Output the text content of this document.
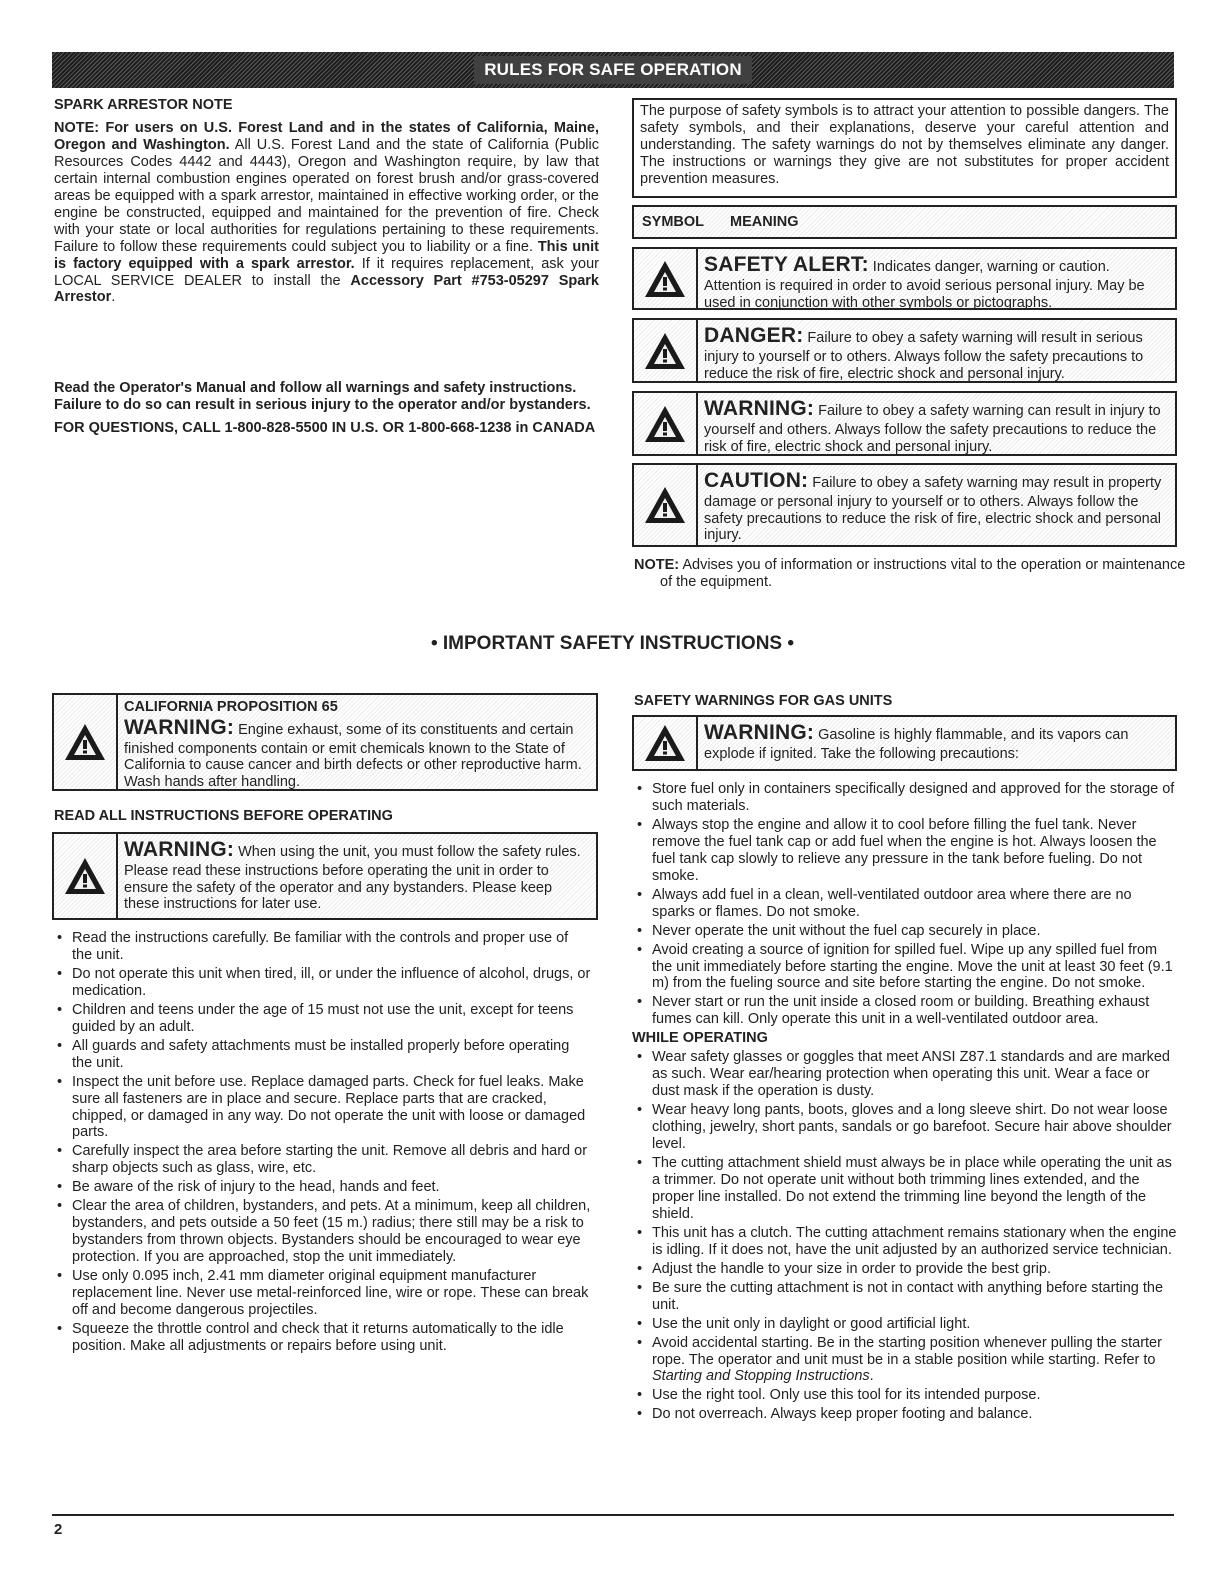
RULES FOR SAFE OPERATION

SPARK ARRESTOR NOTE

NOTE: For users on U.S. Forest Land and in the states of California, Maine, Oregon and Washington. All U.S. Forest Land and the state of California (Public Resources Codes 4442 and 4443), Oregon and Washington require, by law that certain internal combustion engines operated on forest brush and/or grass-covered areas be equipped with a spark arrestor, maintained in effective working order, or the engine be constructed, equipped and maintained for the prevention of fire. Check with your state or local authorities for regulations pertaining to these requirements. Failure to follow these requirements could subject you to liability or a fine. This unit is factory equipped with a spark arrestor. If it requires replacement, ask your LOCAL SERVICE DEALER to install the Accessory Part #753-05297 Spark Arrestor.

Read the Operator's Manual and follow all warnings and safety instructions. Failure to do so can result in serious injury to the operator and/or bystanders.

FOR QUESTIONS, CALL 1-800-828-5500 IN U.S. OR 1-800-668-1238 in CANADA

The purpose of safety symbols is to attract your attention to possible dangers. The safety symbols, and their explanations, deserve your careful attention and understanding. The safety warnings do not by themselves eliminate any danger. The instructions or warnings they give are not substitutes for proper accident prevention measures.

SYMBOL MEANING

SAFETY ALERT: Indicates danger, warning or caution. Attention is required in order to avoid serious personal injury. May be used in conjunction with other symbols or pictographs.

DANGER: Failure to obey a safety warning will result in serious injury to yourself or to others. Always follow the safety precautions to reduce the risk of fire, electric shock and personal injury.

WARNING: Failure to obey a safety warning can result in injury to yourself and others. Always follow the safety precautions to reduce the risk of fire, electric shock and personal injury.

CAUTION: Failure to obey a safety warning may result in property damage or personal injury to yourself or to others. Always follow the safety precautions to reduce the risk of fire, electric shock and personal injury.

NOTE: Advises you of information or instructions vital to the operation or maintenance of the equipment.
• IMPORTANT SAFETY INSTRUCTIONS •

CALIFORNIA PROPOSITION 65

WARNING: Engine exhaust, some of its constituents and certain finished components contain or emit chemicals known to the State of California to cause cancer and birth defects or other reproductive harm. Wash hands after handling.

READ ALL INSTRUCTIONS BEFORE OPERATING

WARNING: When using the unit, you must follow the safety rules. Please read these instructions before operating the unit in order to ensure the safety of the operator and any bystanders. Please keep these instructions for later use.

• Read the instructions carefully. Be familiar with the controls and proper use of the unit.
• Do not operate this unit when tired, ill, or under the influence of alcohol, drugs, or medication.
• Children and teens under the age of 15 must not use the unit, except for teens guided by an adult.
• All guards and safety attachments must be installed properly before operating the unit.
• Inspect the unit before use. Replace damaged parts. Check for fuel leaks. Make sure all fasteners are in place and secure. Replace parts that are cracked, chipped, or damaged in any way. Do not operate the unit with loose or damaged parts.
• Carefully inspect the area before starting the unit. Remove all debris and hard or sharp objects such as glass, wire, etc.
• Be aware of the risk of injury to the head, hands and feet.
• Clear the area of children, bystanders, and pets. At a minimum, keep all children, bystanders, and pets outside a 50 feet (15 m.) radius; there still may be a risk to bystanders from thrown objects. Bystanders should be encouraged to wear eye protection. If you are approached, stop the unit immediately.
• Use only 0.095 inch, 2.41 mm diameter original equipment manufacturer replacement line. Never use metal-reinforced line, wire or rope. These can break off and become dangerous projectiles.
• Squeeze the throttle control and check that it returns automatically to the idle position. Make all adjustments or repairs before using unit.
SAFETY WARNINGS FOR GAS UNITS

WARNING: Gasoline is highly flammable, and its vapors can explode if ignited. Take the following precautions:

• Store fuel only in containers specifically designed and approved for the storage of such materials.
• Always stop the engine and allow it to cool before filling the fuel tank. Never remove the fuel tank cap or add fuel when the engine is hot. Always loosen the fuel tank cap slowly to relieve any pressure in the tank before fueling. Do not smoke.
• Always add fuel in a clean, well-ventilated outdoor area where there are no sparks or flames. Do not smoke.
• Never operate the unit without the fuel cap securely in place.
• Avoid creating a source of ignition for spilled fuel. Wipe up any spilled fuel from the unit immediately before starting the engine. Move the unit at least 30 feet (9.1 m) from the fueling source and site before starting the engine. Do not smoke.
• Never start or run the unit inside a closed room or building. Breathing exhaust fumes can kill. Only operate this unit in a well-ventilated outdoor area.

WHILE OPERATING

• Wear safety glasses or goggles that meet ANSI Z87.1 standards and are marked as such. Wear ear/hearing protection when operating this unit. Wear a face or dust mask if the operation is dusty.
• Wear heavy long pants, boots, gloves and a long sleeve shirt. Do not wear loose clothing, jewelry, short pants, sandals or go barefoot. Secure hair above shoulder level.
• The cutting attachment shield must always be in place while operating the unit as a trimmer. Do not operate unit without both trimming lines extended, and the proper line installed. Do not extend the trimming line beyond the length of the shield.
• This unit has a clutch. The cutting attachment remains stationary when the engine is idling. If it does not, have the unit adjusted by an authorized service technician.
• Adjust the handle to your size in order to provide the best grip.
• Be sure the cutting attachment is not in contact with anything before starting the unit.
• Use the unit only in daylight or good artificial light.
• Avoid accidental starting. Be in the starting position whenever pulling the starter rope. The operator and unit must be in a stable position while starting. Refer to Starting and Stopping Instructions.
• Use the right tool. Only use this tool for its intended purpose.
• Do not overreach. Always keep proper footing and balance.
2
